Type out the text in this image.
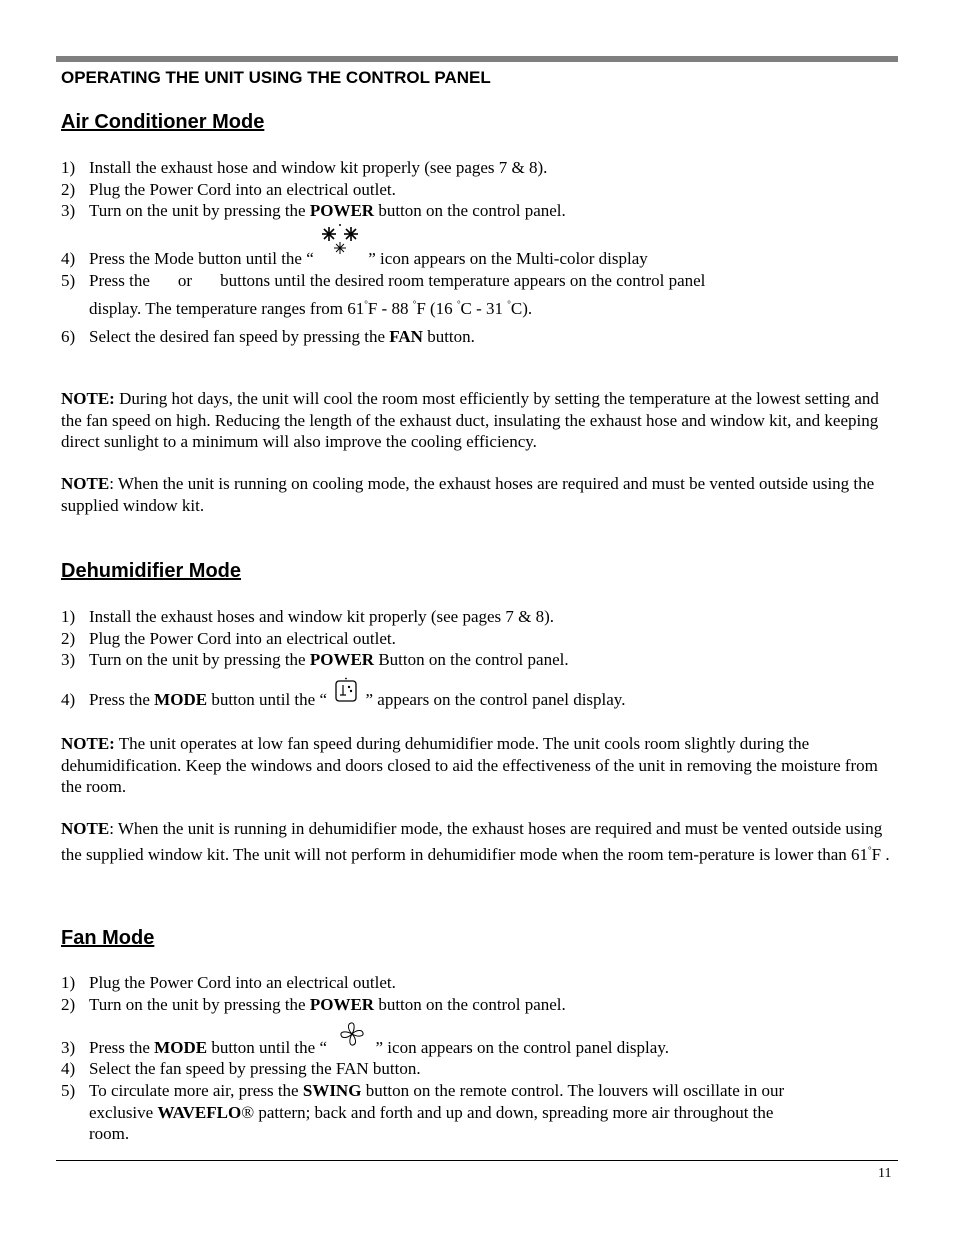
OPERATING THE UNIT USING THE CONTROL PANEL
Air Conditioner Mode
1) Install the exhaust hose and window kit properly (see pages 7 & 8).
2) Plug the Power Cord into an electrical outlet.
3) Turn on the unit by pressing the POWER button on the control panel.
4) Press the Mode button until the “	” icon appears on the Multi-color display
5) Press the or buttons until the desired room temperature appears on the control panel
display. The temperature ranges from 61°F - 88 °F (16 °C - 31 °C).
6) Select the desired fan speed by pressing the FAN button.

NOTE: During hot days, the unit will cool the room most efficiently by setting the temperature at the lowest setting and the fan speed on high. Reducing the length of the exhaust duct, insulating the exhaust hose and window kit, and keeping direct sunlight to a minimum will also improve the cooling efficiency.

NOTE: When the unit is running on cooling mode, the exhaust hoses are required and must be vented outside using the supplied window kit.

Dehumidifier Mode
1) Install the exhaust hoses and window kit properly (see pages 7 & 8).
2) Plug the Power Cord into an electrical outlet.
3) Turn on the unit by pressing the POWER Button on the control panel.
4) Press the MODE button until the “
” appears on the control panel display.

NOTE: The unit operates at low fan speed during dehumidifier mode. The unit cools room slightly during the dehumidification. Keep the windows and doors closed to aid the effectiveness of the unit in removing the moisture from the room.

NOTE: When the unit is running in dehumidifier mode, the exhaust hoses are required and must be vented outside using the supplied window kit. The unit will not perform in dehumidifier mode when the room tem-perature is lower than 61°F .

Fan Mode
1) Plug the Power Cord into an electrical outlet.
2) Turn on the unit by pressing the POWER button on the control panel.
3) Press the MODE button until the “
” icon appears on the control panel display.
4) Select the fan speed by pressing the FAN button.
5) To circulate more air, press the SWING button on the remote control. The louvers will oscillate in our
exclusive WAVEFLO® pattern; back and forth and up and down, spreading more air throughout the
room.
11
